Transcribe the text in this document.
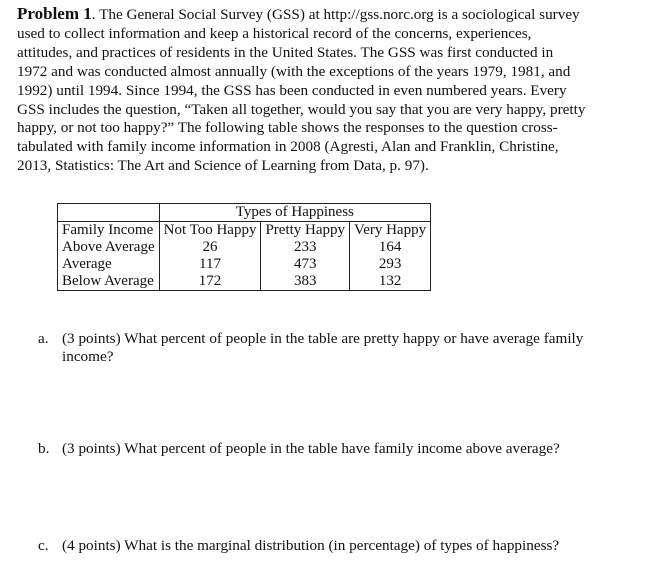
Problem 1. The General Social Survey (GSS) at http://gss.norc.org is a sociological survey used to collect information and keep a historical record of the concerns, experiences, attitudes, and practices of residents in the United States. The GSS was first conducted in 1972 and was conducted almost annually (with the exceptions of the years 1979, 1981, and 1992) until 1994. Since 1994, the GSS has been conducted in even numbered years. Every GSS includes the question, “Taken all together, would you say that you are very happy, pretty happy, or not too happy?” The following table shows the responses to the question cross-tabulated with family income information in 2008 (Agresti, Alan and Franklin, Christine, 2013, Statistics: The Art and Science of Learning from Data, p. 97).
	Types of Happiness		
Family Income	Not Too Happy	Pretty Happy	Very Happy
Above Average	26	233	164
Average	117	473	293
Below Average	172	383	132
a. (3 points) What percent of people in the table are pretty happy or have average family income?
b. (3 points) What percent of people in the table have family income above average?
c. (4 points) What is the marginal distribution (in percentage) of types of happiness?
